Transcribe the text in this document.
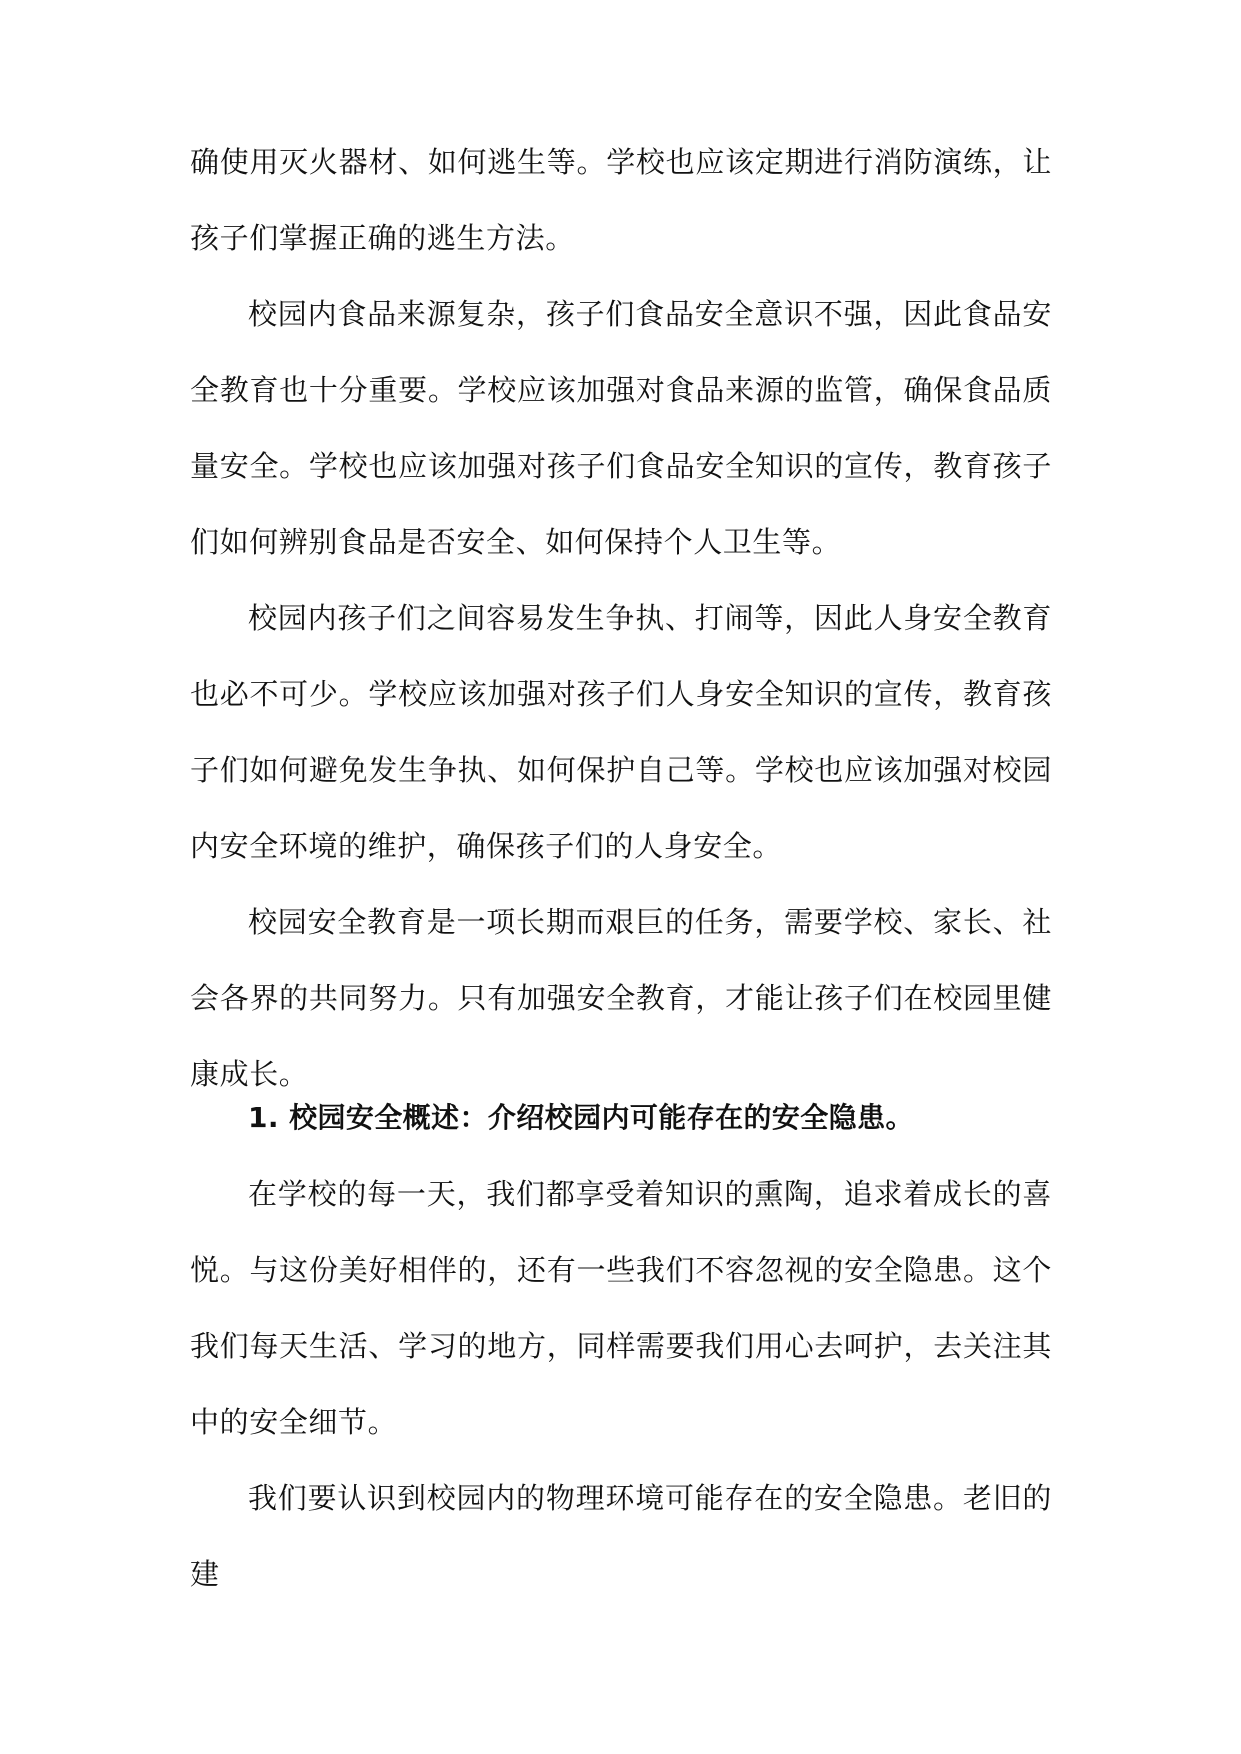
确使用灭火器材、如何逃生等。学校也应该定期进行消防演练，让孩子们掌握正确的逃生方法。

校园内食品来源复杂，孩子们食品安全意识不强，因此食品安全教育也十分重要。学校应该加强对食品来源的监管，确保食品质量安全。学校也应该加强对孩子们食品安全知识的宣传，教育孩子们如何辨别食品是否安全、如何保持个人卫生等。

校园内孩子们之间容易发生争执、打闹等，因此人身安全教育也必不可少。学校应该加强对孩子们人身安全知识的宣传，教育孩子们如何避免发生争执、如何保护自己等。学校也应该加强对校园内安全环境的维护，确保孩子们的人身安全。

校园安全教育是一项长期而艰巨的任务，需要学校、家长、社会各界的共同努力。只有加强安全教育，才能让孩子们在校园里健康成长。

1. 校园安全概述：介绍校园内可能存在的安全隐患。

在学校的每一天，我们都享受着知识的熏陶，追求着成长的喜悦。与这份美好相伴的，还有一些我们不容忽视的安全隐患。这个我们每天生活、学习的地方，同样需要我们用心去呵护，去关注其中的安全细节。

我们要认识到校园内的物理环境可能存在的安全隐患。老旧的建
